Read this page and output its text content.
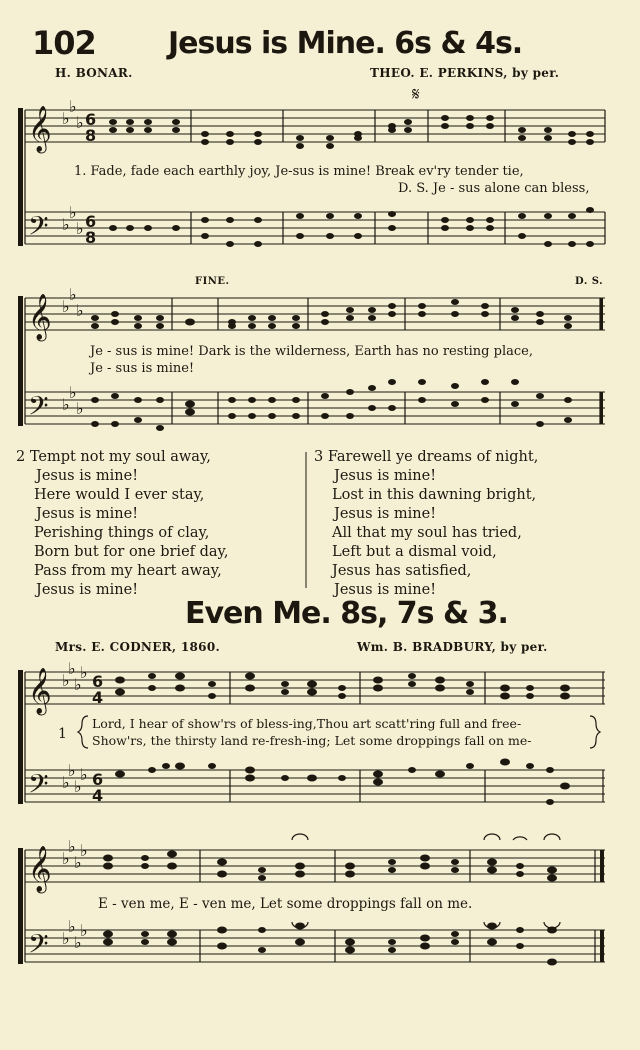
102 Jesus is Mine. 6s & 4s.
H. BONAR.	THEO. E. PERKINS, by per.
𝄞
𝄢
𝄞
𝄢
𝄞
𝄢
𝄞
𝄢
♭
♭
♭
♭
♭
♭
♭
♭
♭
♭
♭
♭
♭
♭
♭
♭
♭
♭
♭
♭
♭
♭
♭
♭
♭
♭
♭
♭
6
8
6
8
6
4
6
4
𝄋
1. Fade, fade each earthly joy, Je-sus is mine! Break ev'ry tender tie,
D. S. Je - sus alone can bless,
FINE.	D. S.
Je - sus is mine! Dark is the wilderness, Earth has no resting place,
Je - sus is mine!
2 Tempt not my soul away,
Jesus is mine!
Here would I ever stay,
Jesus is mine!
Perishing things of clay,
Born but for one brief day,
Pass from my heart away,
Jesus is mine!
3 Farewell ye dreams of night,
Jesus is mine!
Lost in this dawning bright,
Jesus is mine!
All that my soul has tried,
Left but a dismal void,
Jesus has satisfied,
Jesus is mine!
Even Me. 8s, 7s & 3.
Mrs. E. CODNER, 1860.	Wm. B. BRADBURY, by per.
1
Lord, I hear of show'rs of bless-ing,Thou art scatt'ring full and free-
Show'rs, the thirsty land re-fresh-ing; Let some droppings fall on me-
E - ven me, E - ven me, Let some droppings fall on me.
